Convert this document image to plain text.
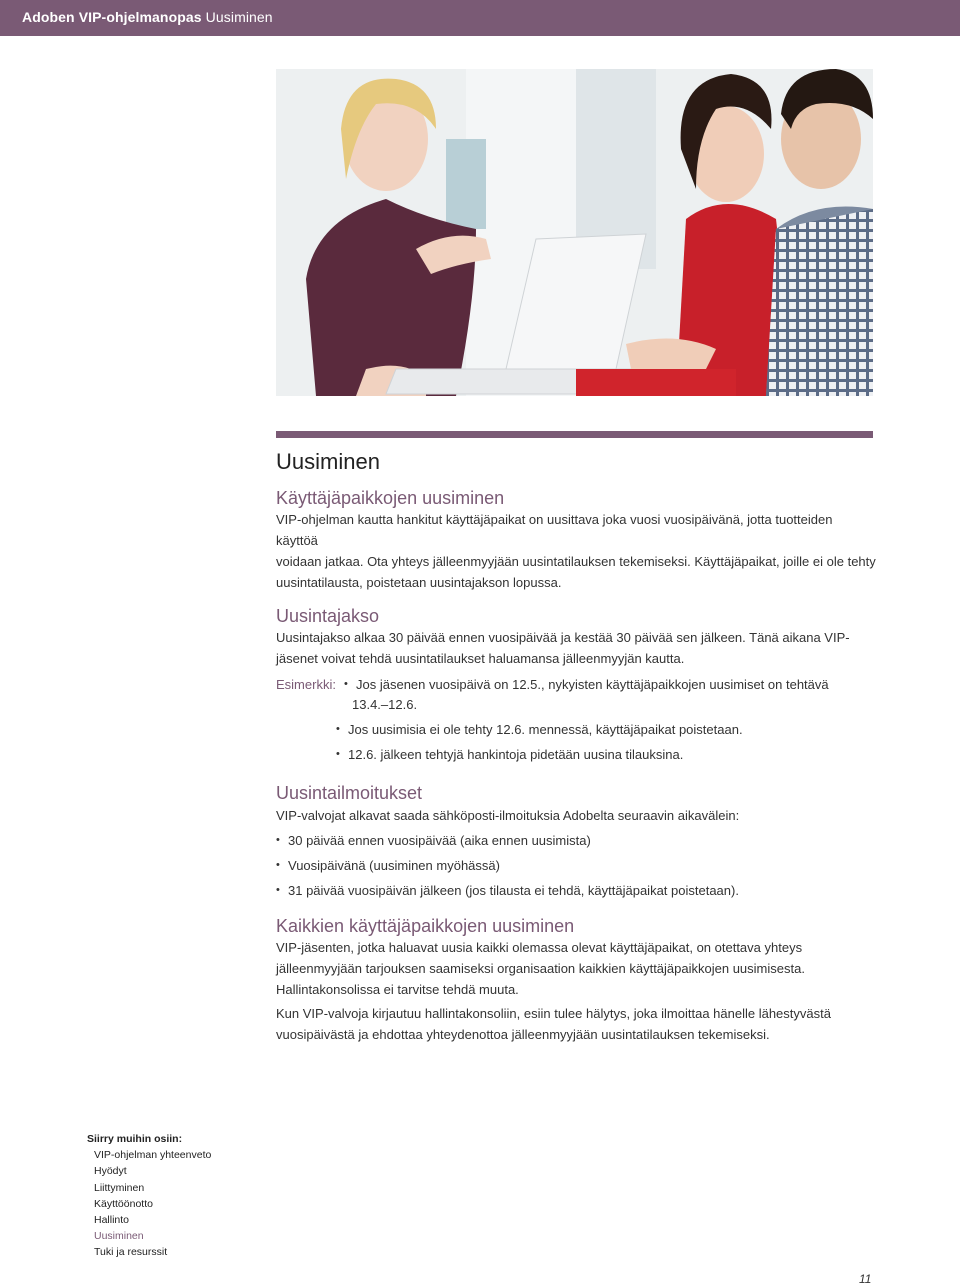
Adoben VIP-ohjelmanopas Uusiminen
Uusiminen
Käyttäjäpaikkojen uusiminen

VIP-ohjelman kautta hankitut käyttäjäpaikat on uusittava joka vuosi vuosipäivänä, jotta tuotteiden käyttöä

voidaan jatkaa. Ota yhteys jälleenmyyjään uusintatilauksen tekemiseksi. Käyttäjäpaikat, joille ei ole tehty

uusintatilausta, poistetaan uusintajakson lopussa.

Uusintajakso

Uusintajakso alkaa 30 päivää ennen vuosipäivää ja kestää 30 päivää sen jälkeen. Tänä aikana VIP-

jäsenet voivat tehdä uusintatilaukset haluamansa jälleenmyyjän kautta.

Esimerkki:
•	Jos jäsenen vuosipäivä on 12.5., nykyisten käyttäjäpaikkojen uusimiset on tehtävä
13.4.–12.6.
• Jos uusimisia ei ole tehty 12.6. mennessä, käyttäjäpaikat poistetaan.
• 12.6. jälkeen tehtyjä hankintoja pidetään uusina tilauksina.
Uusintailmoitukset

VIP-valvojat alkavat saada sähköposti-ilmoituksia Adobelta seuraavin aikavälein:

• 30 päivää ennen vuosipäivää (aika ennen uusimista)
• Vuosipäivänä (uusiminen myöhässä)
• 31 päivää vuosipäivän jälkeen (jos tilausta ei tehdä, käyttäjäpaikat poistetaan).
Kaikkien käyttäjäpaikkojen uusiminen

VIP-jäsenten, jotka haluavat uusia kaikki olemassa olevat käyttäjäpaikat, on otettava yhteys

jälleenmyyjään tarjouksen saamiseksi organisaation kaikkien käyttäjäpaikkojen uusimisesta.

Hallintakonsolissa ei tarvitse tehdä muuta.

Kun VIP-valvoja kirjautuu hallintakonsoliin, esiin tulee hälytys, joka ilmoittaa hänelle lähestyvästä

vuosipäivästä ja ehdottaa yhteydenottoa jälleenmyyjään uusintatilauksen tekemiseksi.

Siirry muihin osiin:
VIP-ohjelman yhteenveto
Hyödyt
Liittyminen
Käyttöönotto
Hallinto
Uusiminen
Tuki ja resurssit
11
